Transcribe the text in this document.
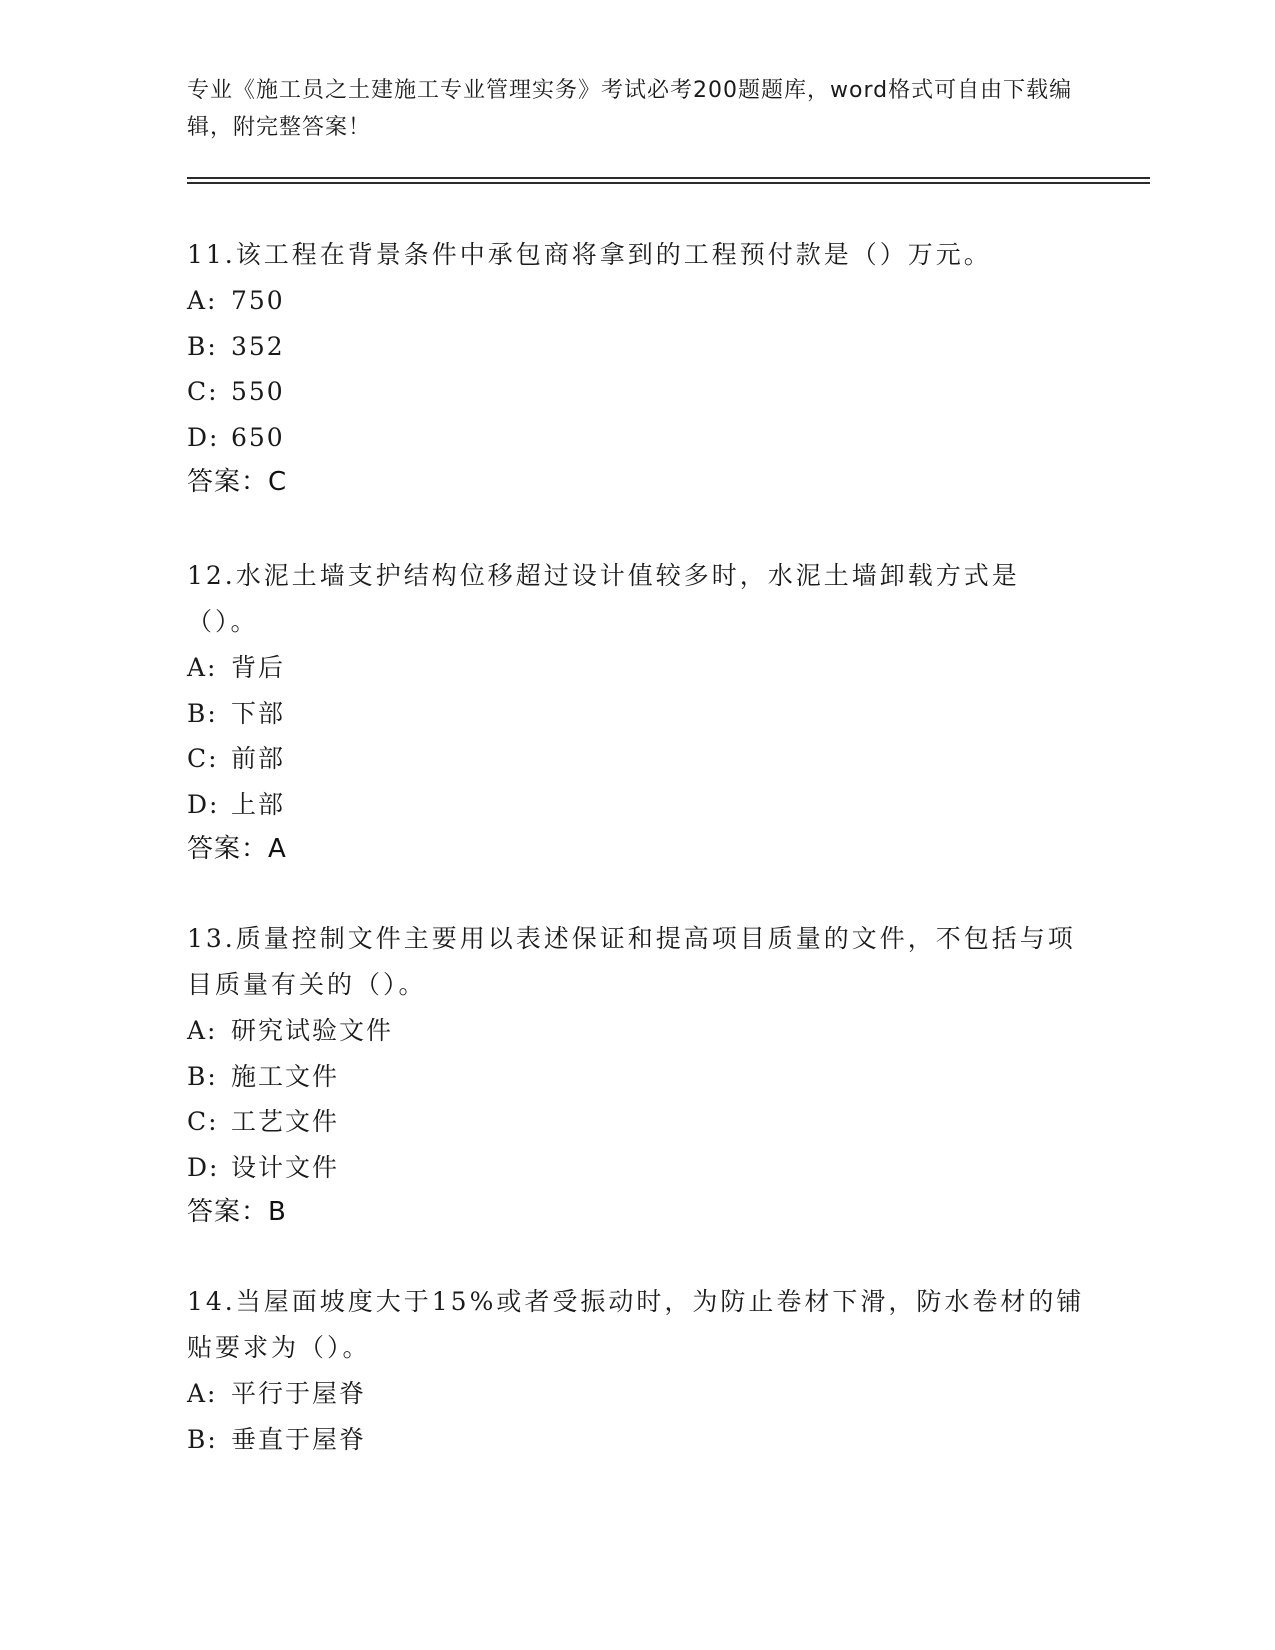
专业《施工员之土建施工专业管理实务》考试必考200题题库，word格式可自由下载编辑，附完整答案！

11.该工程在背景条件中承包商将拿到的工程预付款是（）万元。

A: 750
B: 352
C: 550
D: 650
答案：C

12.水泥土墙支护结构位移超过设计值较多时，水泥土墙卸载方式是（）。

A: 背后
B: 下部
C: 前部
D: 上部
答案：A

13.质量控制文件主要用以表述保证和提高项目质量的文件，不包括与项目质量有关的（）。

A: 研究试验文件
B: 施工文件
C: 工艺文件
D: 设计文件
答案：B

14.当屋面坡度大于15%或者受振动时，为防止卷材下滑，防水卷材的铺贴要求为（）。

A: 平行于屋脊
B: 垂直于屋脊
